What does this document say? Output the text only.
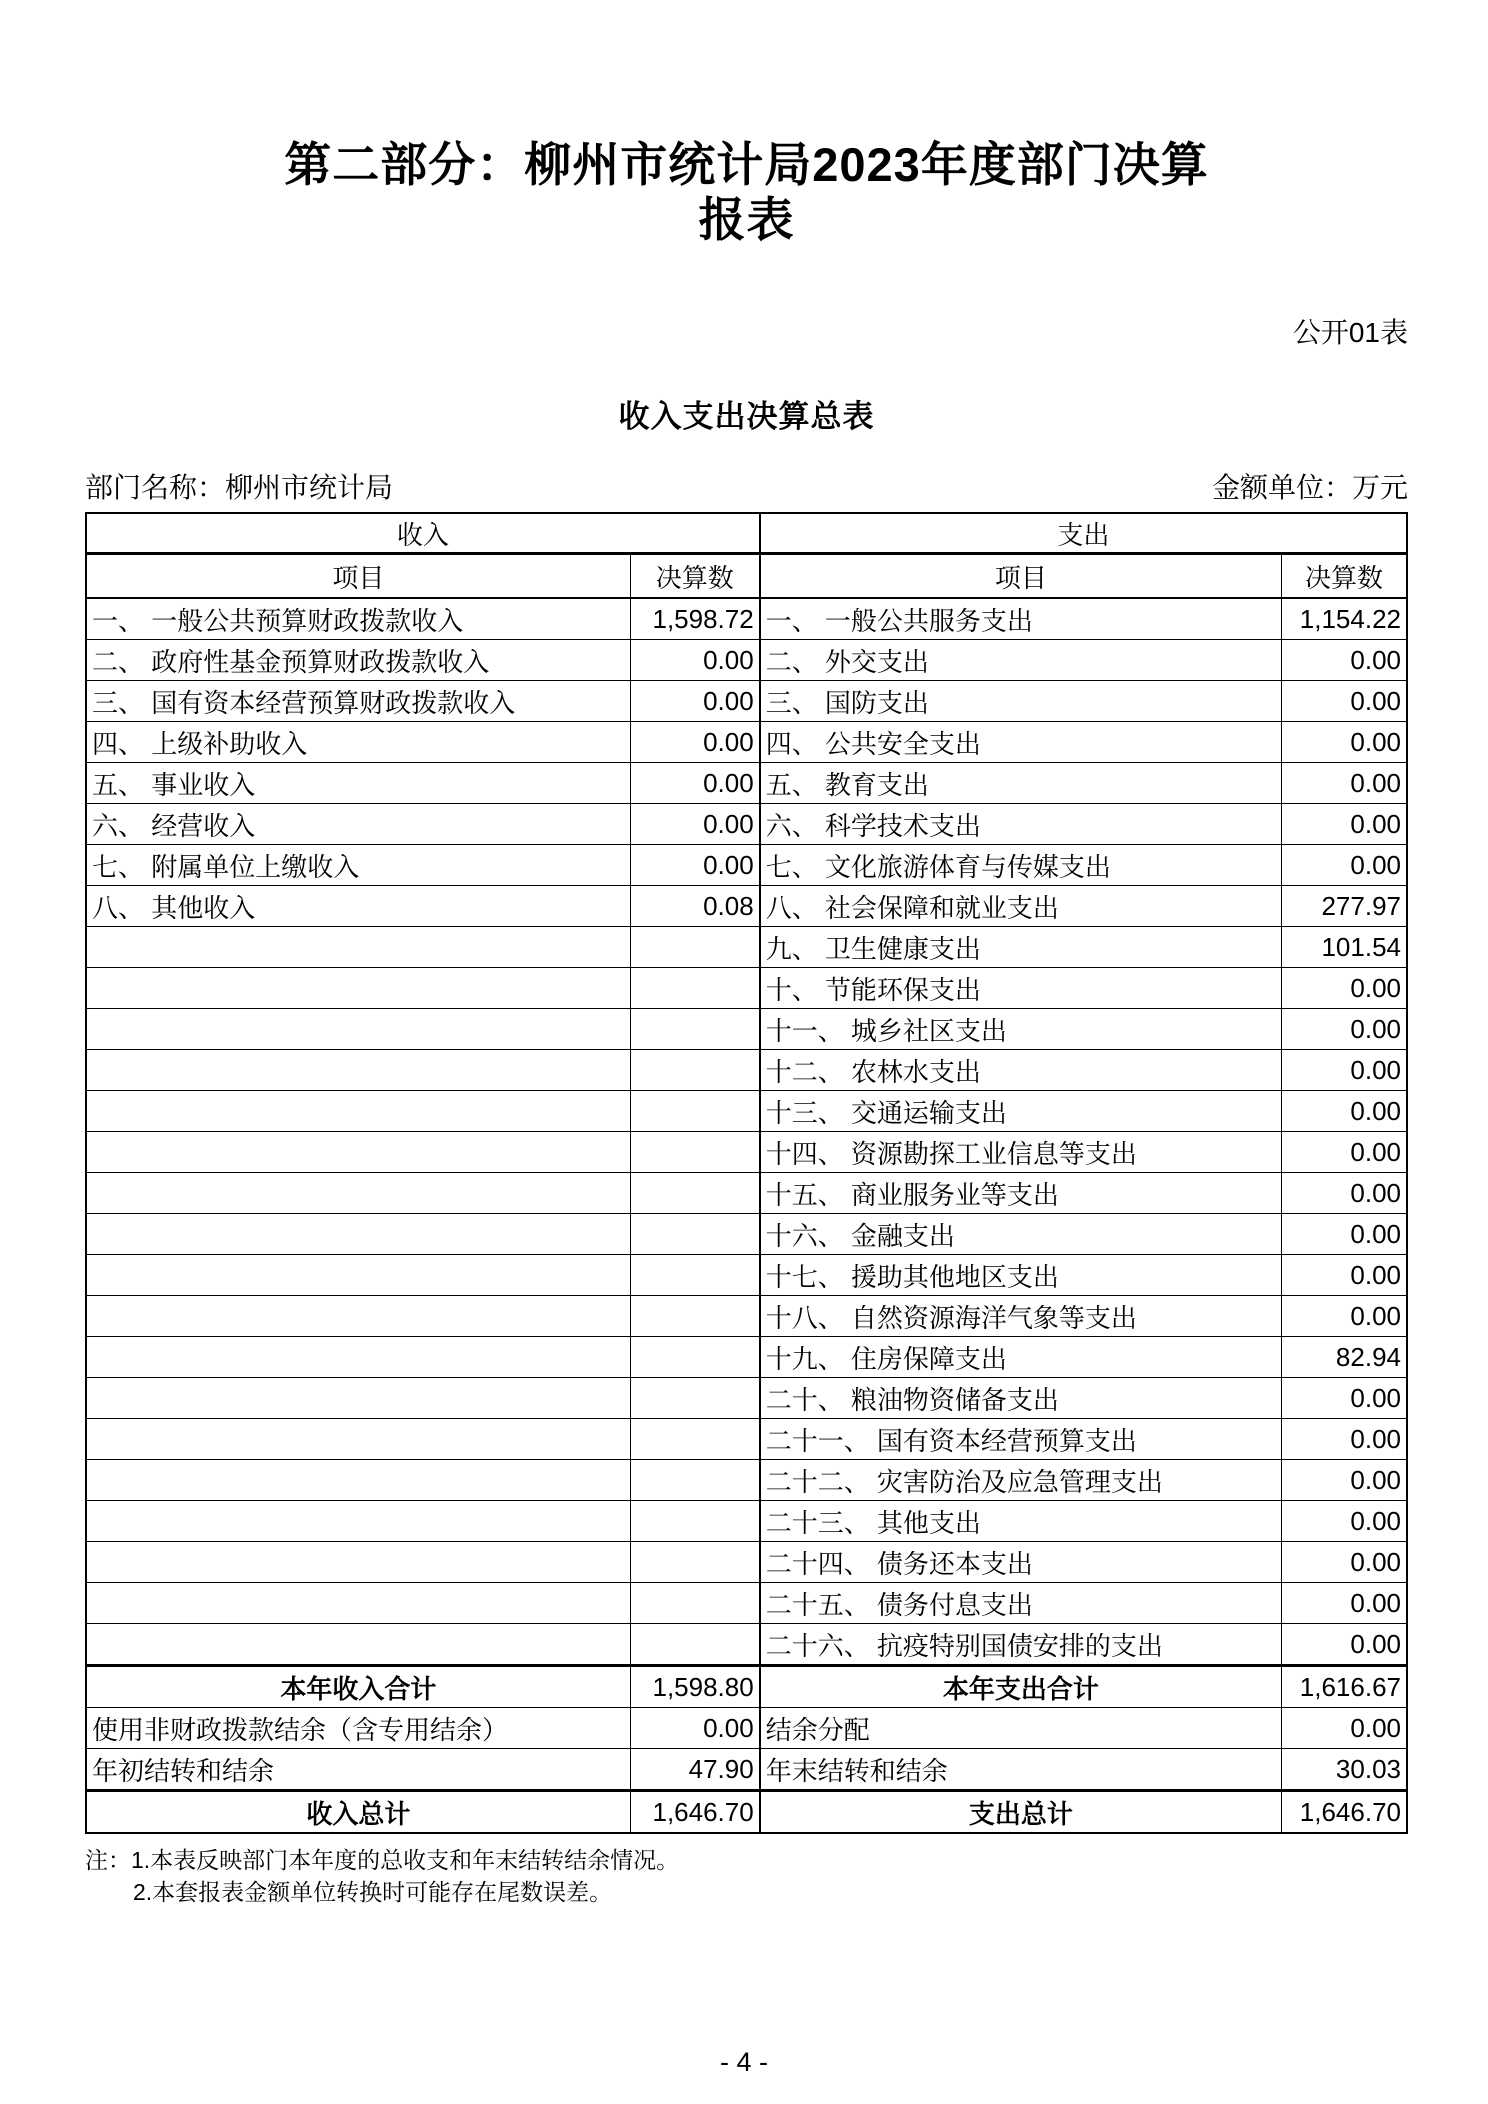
第二部分：柳州市统计局2023年度部门决算
报表
公开01表
收入支出决算总表
部门名称：柳州市统计局	金额单位：万元
收入		支出	
项目	决算数	项目	决算数
一、 一般公共预算财政拨款收入	1,598.72	一、 一般公共服务支出	1,154.22
二、 政府性基金预算财政拨款收入	0.00	二、 外交支出	0.00
三、 国有资本经营预算财政拨款收入	0.00	三、 国防支出	0.00
四、 上级补助收入	0.00	四、 公共安全支出	0.00
五、 事业收入	0.00	五、 教育支出	0.00
六、 经营收入	0.00	六、 科学技术支出	0.00
七、 附属单位上缴收入	0.00	七、 文化旅游体育与传媒支出	0.00
八、 其他收入	0.08	八、 社会保障和就业支出	277.97
		九、 卫生健康支出	101.54
		十、 节能环保支出	0.00
		十一、 城乡社区支出	0.00
		十二、 农林水支出	0.00
		十三、 交通运输支出	0.00
		十四、 资源勘探工业信息等支出	0.00
		十五、 商业服务业等支出	0.00
		十六、 金融支出	0.00
		十七、 援助其他地区支出	0.00
		十八、 自然资源海洋气象等支出	0.00
		十九、 住房保障支出	82.94
		二十、 粮油物资储备支出	0.00
		二十一、 国有资本经营预算支出	0.00
		二十二、 灾害防治及应急管理支出	0.00
		二十三、 其他支出	0.00
		二十四、 债务还本支出	0.00
		二十五、 债务付息支出	0.00
		二十六、 抗疫特别国债安排的支出	0.00
本年收入合计	1,598.80	本年支出合计	1,616.67
使用非财政拨款结余（含专用结余）	0.00	结余分配	0.00
年初结转和结余	47.90	年末结转和结余	30.03
收入总计	1,646.70	支出总计	1,646.70
注：1.本表反映部门本年度的总收支和年末结转结余情况。
2.本套报表金额单位转换时可能存在尾数误差。
- 4 -
